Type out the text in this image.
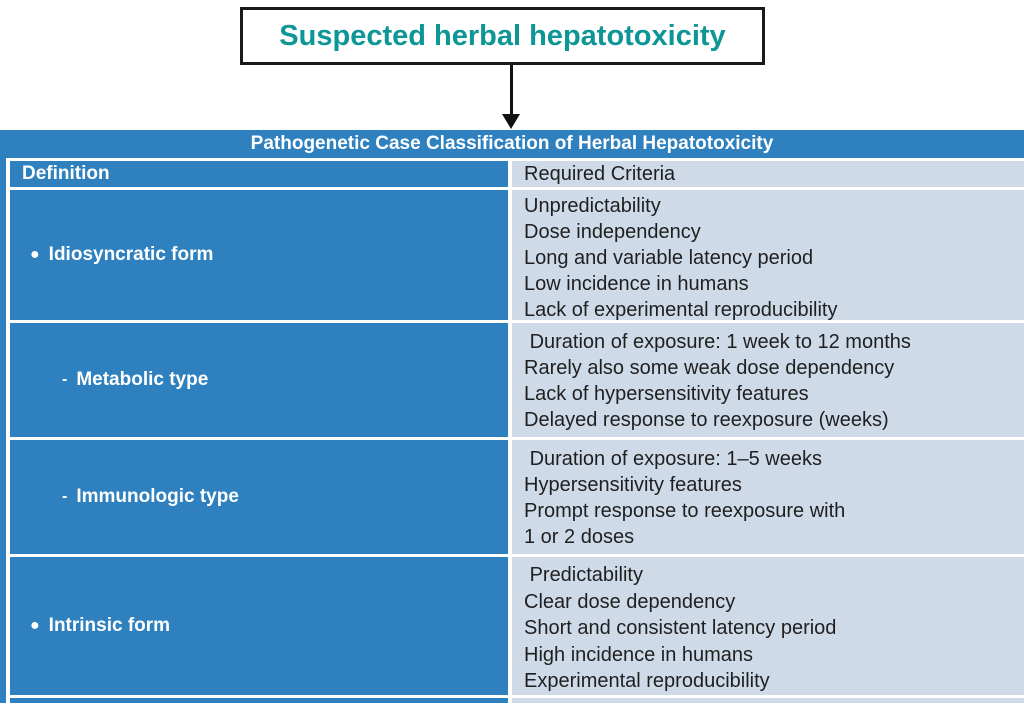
Suspected herbal hepatotoxicity
Pathogenetic Case Classification of Herbal Hepatotoxicity
Definition	Required Criteria
● Idiosyncratic form
Unpredictability
Dose independency
Long and variable latency period
Low incidence in humans
Lack of experimental reproducibility
- Metabolic type
Duration of exposure: 1 week to 12 months
Rarely also some weak dose dependency
Lack of hypersensitivity features
Delayed response to reexposure (weeks)
- Immunologic type
Duration of exposure: 1–5 weeks
Hypersensitivity features
Prompt response to reexposure with
1 or 2 doses
● Intrinsic form
Predictability
Clear dose dependency
Short and consistent latency period
High incidence in humans
Experimental reproducibility
